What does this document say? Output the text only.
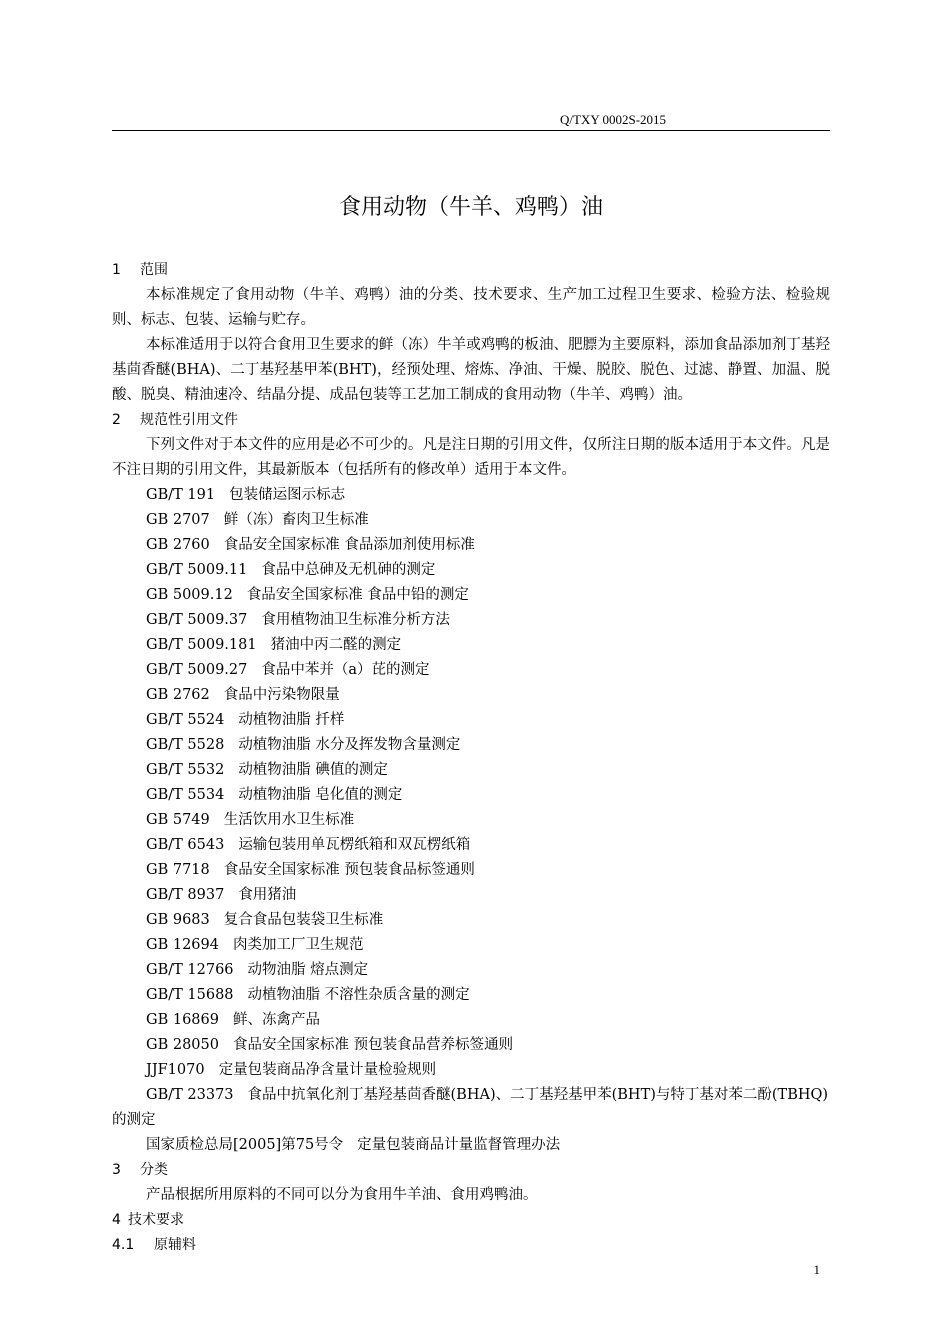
Q/TXY 0002S-2015
食用动物（牛羊、鸡鸭）油
1 范围
本标准规定了食用动物（牛羊、鸡鸭）油的分类、技术要求、生产加工过程卫生要求、检验方法、检验规则、标志、包装、运输与贮存。
本标准适用于以符合食用卫生要求的鲜（冻）牛羊或鸡鸭的板油、肥膘为主要原料，添加食品添加剂丁基羟基茴香醚(BHA)、二丁基羟基甲苯(BHT)，经预处理、熔炼、净油、干燥、脱胶、脱色、过滤、静置、加温、脱酸、脱臭、精油速冷、结晶分提、成品包装等工艺加工制成的食用动物（牛羊、鸡鸭）油。
2 规范性引用文件
下列文件对于本文件的应用是必不可少的。凡是注日期的引用文件，仅所注日期的版本适用于本文件。凡是不注日期的引用文件，其最新版本（包括所有的修改单）适用于本文件。
GB/T 191 包装储运图示标志
GB 2707 鲜（冻）畜肉卫生标准
GB 2760 食品安全国家标准 食品添加剂使用标准
GB/T 5009.11 食品中总砷及无机砷的测定
GB 5009.12 食品安全国家标准 食品中铅的测定
GB/T 5009.37 食用植物油卫生标准分析方法
GB/T 5009.181 猪油中丙二醛的测定
GB/T 5009.27 食品中苯并（a）芘的测定
GB 2762 食品中污染物限量
GB/T 5524 动植物油脂 扦样
GB/T 5528 动植物油脂 水分及挥发物含量测定
GB/T 5532 动植物油脂 碘值的测定
GB/T 5534 动植物油脂 皂化值的测定
GB 5749 生活饮用水卫生标准
GB/T 6543 运输包装用单瓦楞纸箱和双瓦楞纸箱
GB 7718 食品安全国家标准 预包装食品标签通则
GB/T 8937 食用猪油
GB 9683 复合食品包装袋卫生标准
GB 12694 肉类加工厂卫生规范
GB/T 12766 动物油脂 熔点测定
GB/T 15688 动植物油脂 不溶性杂质含量的测定
GB 16869 鲜、冻禽产品
GB 28050 食品安全国家标准 预包装食品营养标签通则
JJF1070 定量包装商品净含量计量检验规则
GB/T 23373 食品中抗氧化剂丁基羟基茴香醚(BHA)、二丁基羟基甲苯(BHT)与特丁基对苯二酚(TBHQ)的测定
国家质检总局[2005]第75号令 定量包装商品计量监督管理办法
3 分类
产品根据所用原料的不同可以分为食用牛羊油、食用鸡鸭油。
4 技术要求
4.1 原辅料
1
